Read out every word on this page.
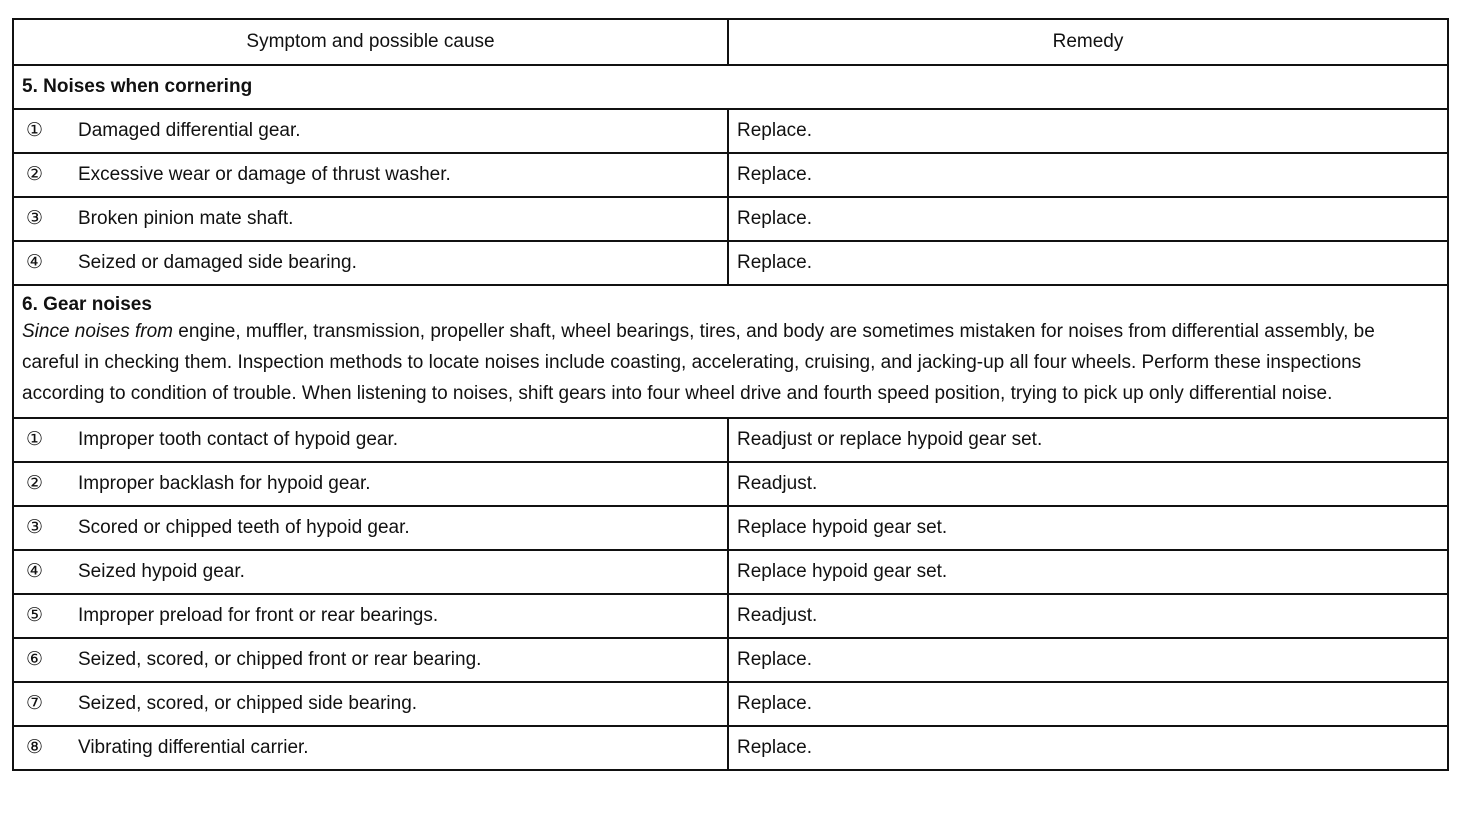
Symptom and possible cause	Remedy
5. Noises when cornering	
① Damaged differential gear.	Replace.
② Excessive wear or damage of thrust washer.	Replace.
③ Broken pinion mate shaft.	Replace.
④ Seized or damaged side bearing.	Replace.

6. Gear noises
Since noises from engine, muffler, transmission, propeller shaft, wheel bearings, tires, and body are sometimes mistaken for noises from differential assembly, be careful in checking them. Inspection methods to locate noises include coasting, accelerating, cruising, and jacking-up all four wheels. Perform these inspections according to condition of trouble. When listening to noises, shift gears into four wheel drive and fourth speed position, trying to pick up only differential noise.	

① Improper tooth contact of hypoid gear.	Readjust or replace hypoid gear set.
② Improper backlash for hypoid gear.	Readjust.
③ Scored or chipped teeth of hypoid gear.	Replace hypoid gear set.
④ Seized hypoid gear.	Replace hypoid gear set.
⑤ Improper preload for front or rear bearings.	Readjust.
⑥ Seized, scored, or chipped front or rear bearing.	Replace.
⑦ Seized, scored, or chipped side bearing.	Replace.
⑧ Vibrating differential carrier.	Replace.
